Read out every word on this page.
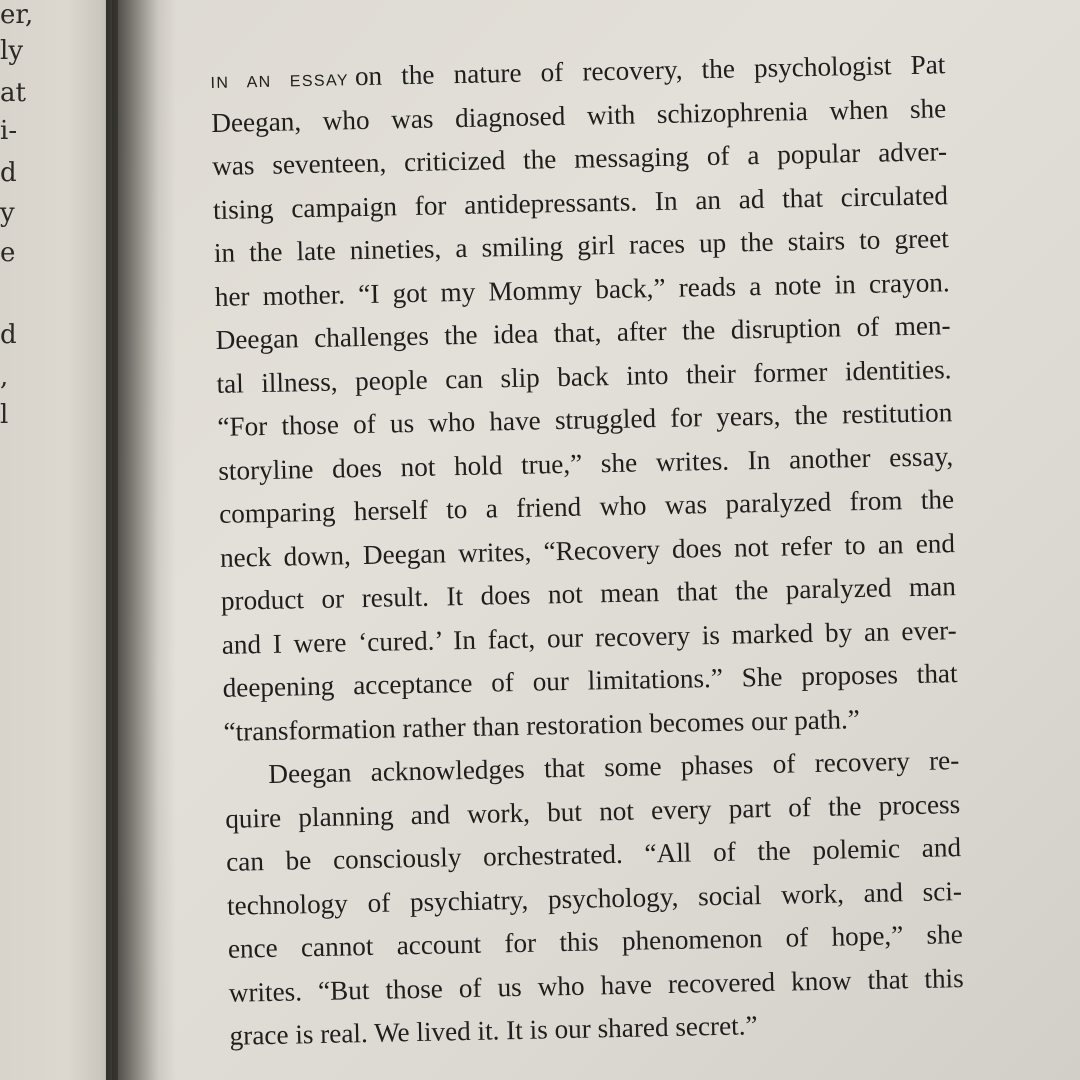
er,
ly
at
i-
d
y
e
d
,
l
IN AN ESSAY on the nature of recovery, the psychologist Pat
Deegan, who was diagnosed with schizophrenia when she
was seventeen, criticized the messaging of a popular adver-
tising campaign for antidepressants. In an ad that circulated
in the late nineties, a smiling girl races up the stairs to greet
her mother. “I got my Mommy back,” reads a note in crayon.
Deegan challenges the idea that, after the disruption of men-
tal illness, people can slip back into their former identities.
“For those of us who have struggled for years, the restitution
storyline does not hold true,” she writes. In another essay,
comparing herself to a friend who was paralyzed from the
neck down, Deegan writes, “Recovery does not refer to an end
product or result. It does not mean that the paralyzed man
and I were ‘cured.’ In fact, our recovery is marked by an ever-
deepening acceptance of our limitations.” She proposes that
“transformation rather than restoration becomes our path.”
Deegan acknowledges that some phases of recovery re-
quire planning and work, but not every part of the process
can be consciously orchestrated. “All of the polemic and
technology of psychiatry, psychology, social work, and sci-
ence cannot account for this phenomenon of hope,” she
writes. “But those of us who have recovered know that this
grace is real. We lived it. It is our shared secret.”
